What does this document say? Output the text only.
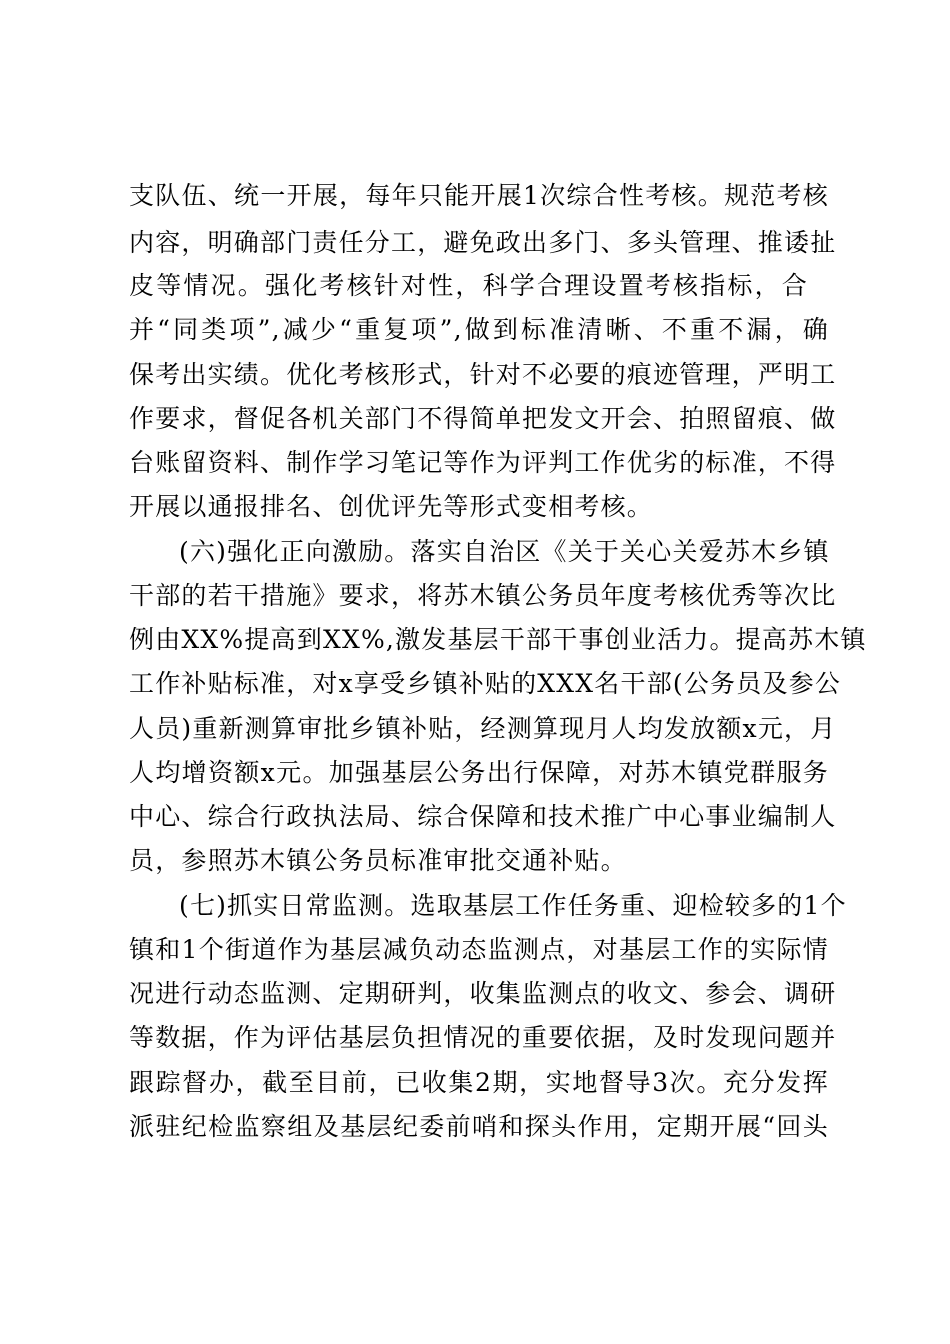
支队伍、统一开展，每年只能开展1次综合性考核。规范考核
内容，明确部门责任分工，避免政出多门、多头管理、推诿扯
皮等情况。强化考核针对性，科学合理设置考核指标，合
并“同类项”,减少“重复项”,做到标准清晰、不重不漏，确
保考出实绩。优化考核形式，针对不必要的痕迹管理，严明工
作要求，督促各机关部门不得简单把发文开会、拍照留痕、做
台账留资料、制作学习笔记等作为评判工作优劣的标准，不得
开展以通报排名、创优评先等形式变相考核。
(六)强化正向激励。落实自治区《关于关心关爱苏木乡镇
干部的若干措施》要求，将苏木镇公务员年度考核优秀等次比
例由XX%提高到XX%,激发基层干部干事创业活力。提高苏木镇
工作补贴标准，对x享受乡镇补贴的XXX名干部(公务员及参公
人员)重新测算审批乡镇补贴，经测算现月人均发放额x元，月
人均增资额x元。加强基层公务出行保障，对苏木镇党群服务
中心、综合行政执法局、综合保障和技术推广中心事业编制人
员，参照苏木镇公务员标准审批交通补贴。
(七)抓实日常监测。选取基层工作任务重、迎检较多的1个
镇和1个街道作为基层减负动态监测点，对基层工作的实际情
况进行动态监测、定期研判，收集监测点的收文、参会、调研
等数据，作为评估基层负担情况的重要依据，及时发现问题并
跟踪督办，截至目前，已收集2期，实地督导3次。充分发挥
派驻纪检监察组及基层纪委前哨和探头作用，定期开展“回头
